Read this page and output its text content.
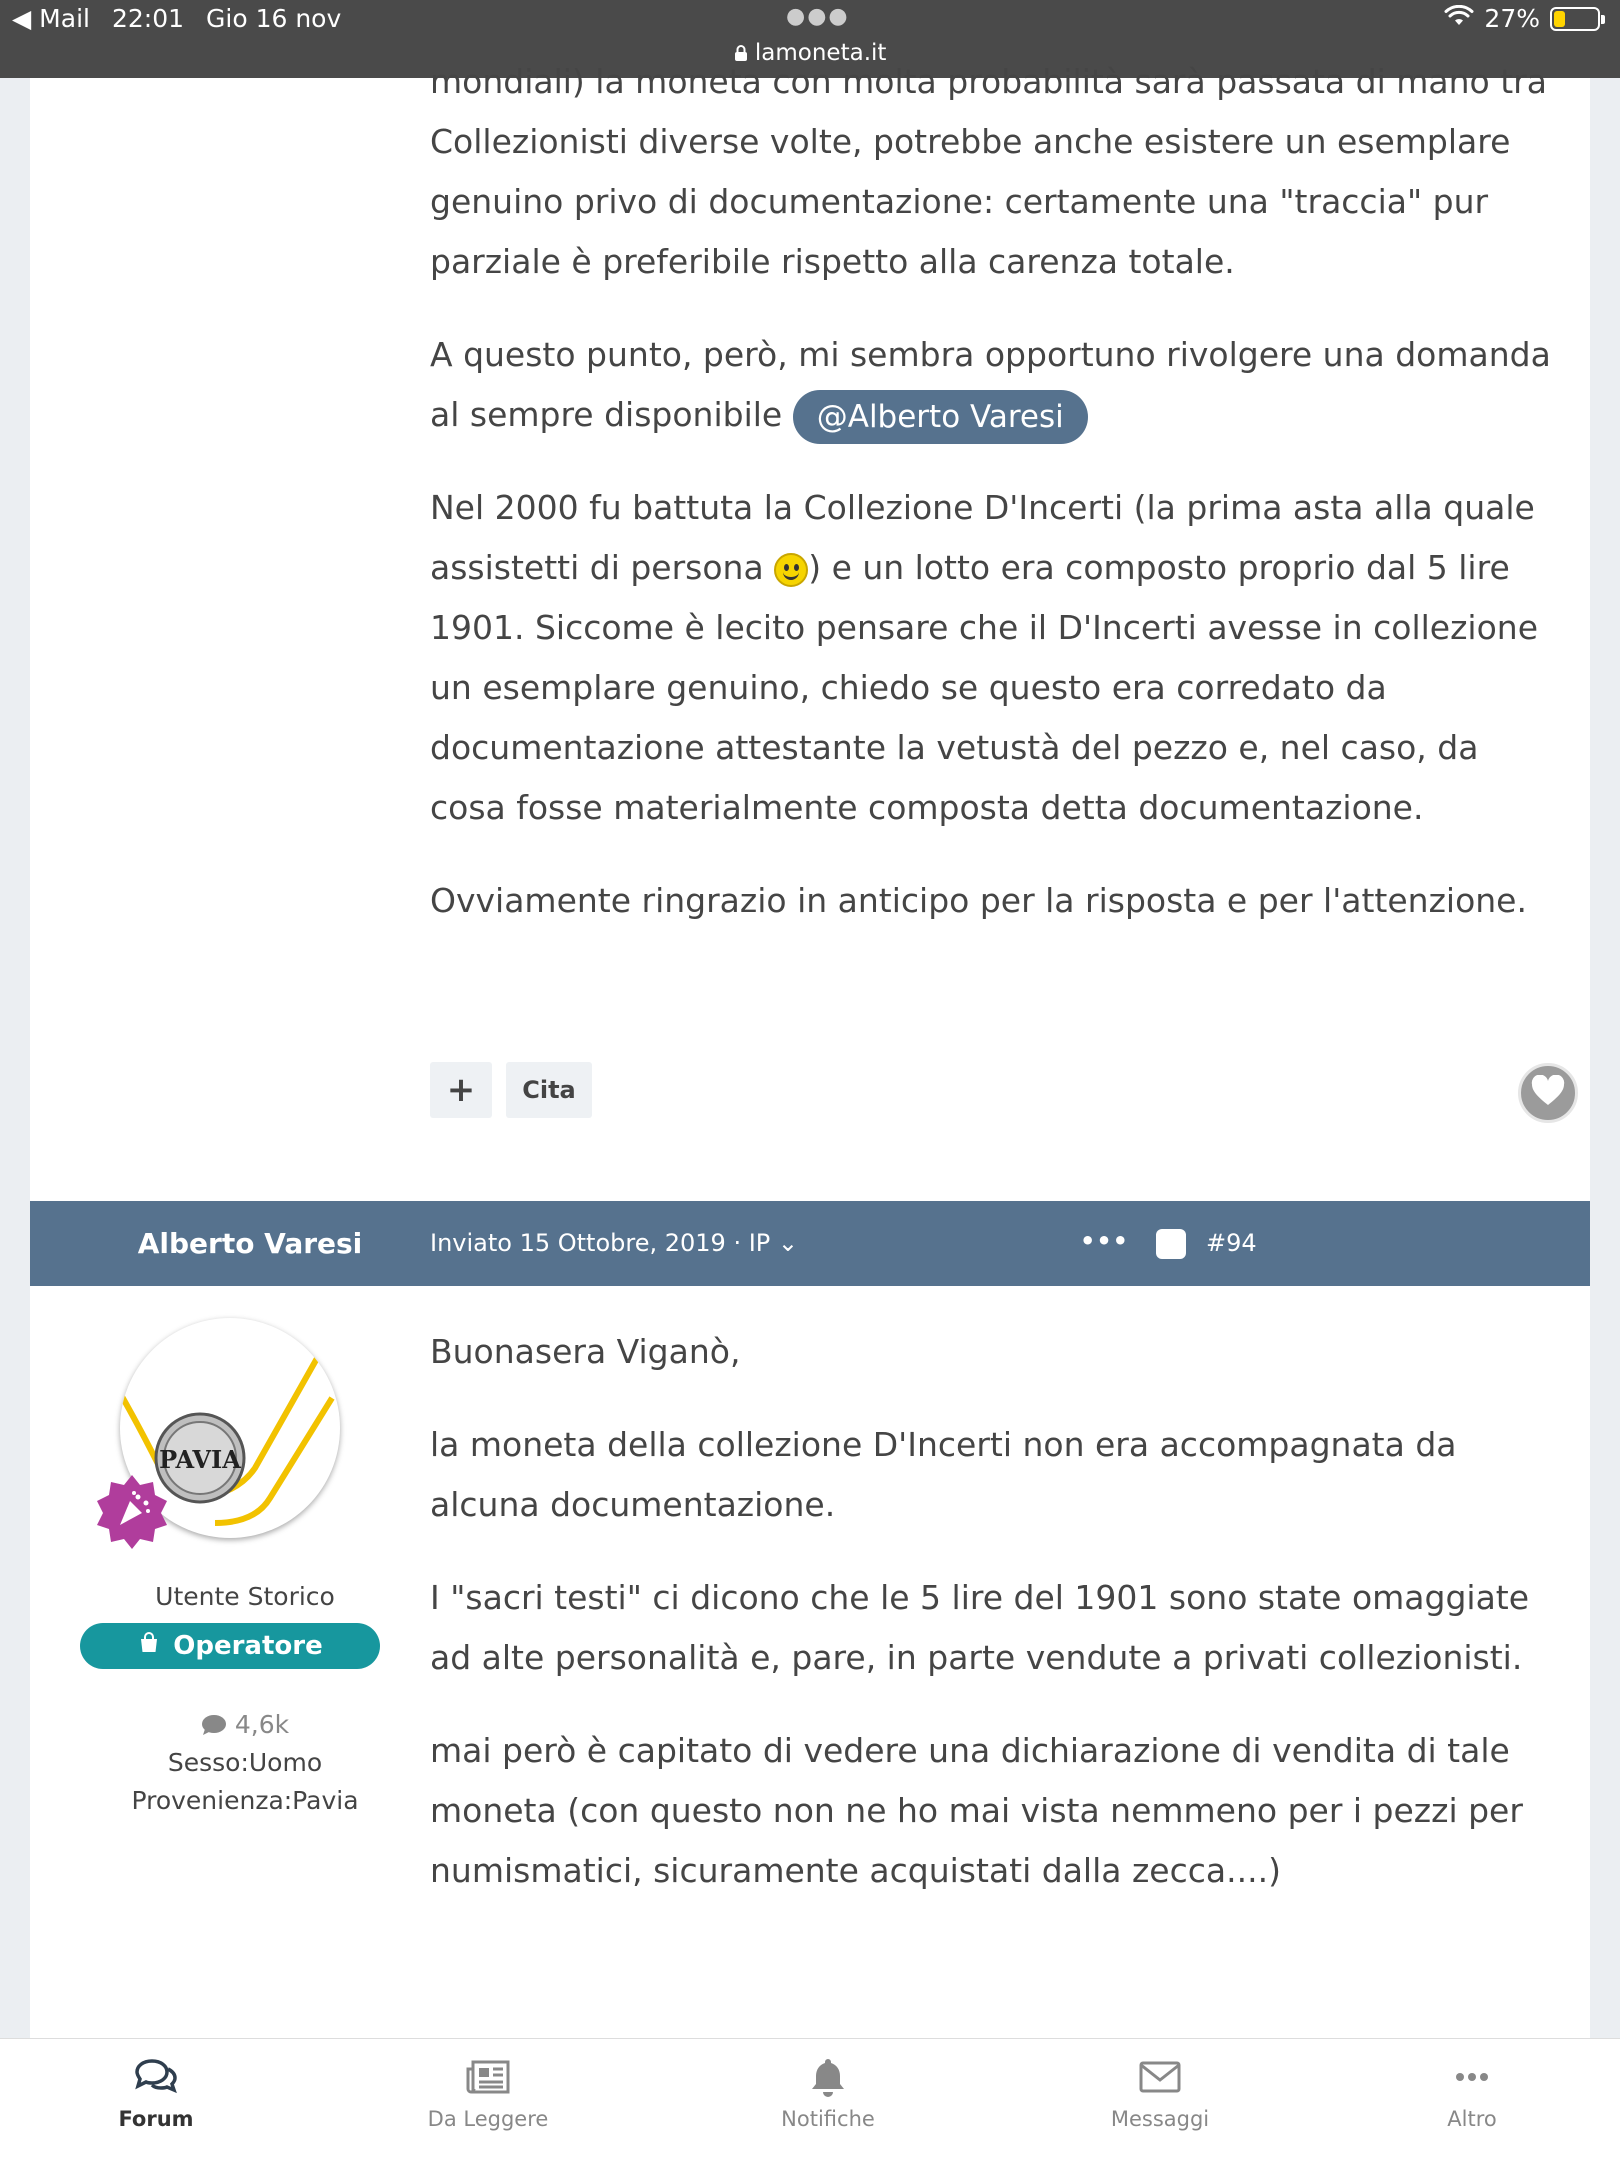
◀ Mail 22:01 Gio 16 nov	●●●
lamoneta.it
27%

mondiali) la moneta con molta probabilità sarà passata di mano tra Collezionisti diverse volte, potrebbe anche esistere un esemplare genuino privo di documentazione: certamente una "traccia" pur parziale è preferibile rispetto alla carenza totale.

A questo punto, però, mi sembra opportuno rivolgere una domanda al sempre disponibile @Alberto Varesi

Nel 2000 fu battuta la Collezione D'Incerti (la prima asta alla quale assistetti di persona ) e un lotto era composto proprio dal 5 lire 1901. Siccome è lecito pensare che il D'Incerti avesse in collezione un esemplare genuino, chiedo se questo era corredato da documentazione attestante la vetustà del pezzo e, nel caso, da cosa fosse materialmente composta detta documentazione.

Ovviamente ringrazio in anticipo per la risposta e per l'attenzione.

+	Cita
Alberto Varesi	Inviato 15 Ottobre, 2019 · IP ⌄	•••	#94
PAVIA
Utente Storico
Operatore
4,6k
Sesso:Uomo
Provenienza:Pavia

Buonasera Viganò,

la moneta della collezione D'Incerti non era accompagnata da alcuna documentazione.

I "sacri testi" ci dicono che le 5 lire del 1901 sono state omaggiate ad alte personalità e, pare, in parte vendute a privati collezionisti.

mai però è capitato di vedere una dichiarazione di vendita di tale moneta (con questo non ne ho mai vista nemmeno per i pezzi per numismatici, sicuramente acquistati dalla zecca....)

Forum	Da Leggere	Notifiche	Messaggi	Altro
